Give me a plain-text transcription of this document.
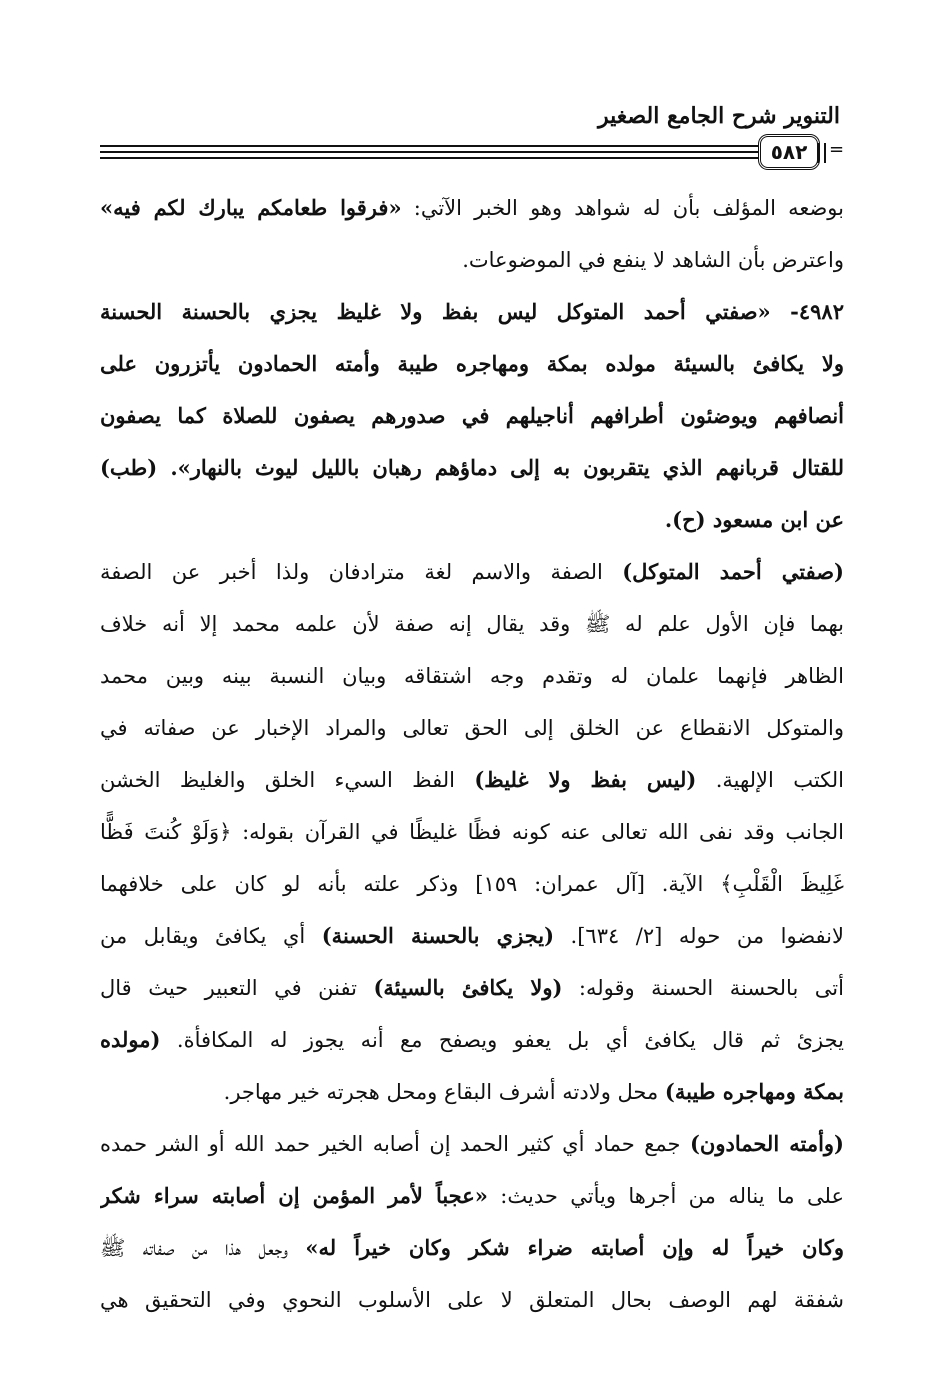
التنوير شرح الجامع الصغير
٥٨٢	=
بوضعه المؤلف بأن له شواهد وهو الخبر الآتي: «فرقوا طعامكم يبارك لكم فيه»
واعترض بأن الشاهد لا ينفع في الموضوعات.
٤٩٨٢- «صفتي أحمد المتوكل ليس بفظ ولا غليظ يجزي بالحسنة الحسنة
ولا يكافئ بالسيئة مولده بمكة ومهاجره طيبة وأمته الحمادون يأتزرون على
أنصافهم ويوضئون أطرافهم أناجيلهم في صدورهم يصفون للصلاة كما يصفون
للقتال قربانهم الذي يتقربون به إلى دماؤهم رهبان بالليل ليوث بالنهار». (طب)
عن ابن مسعود (ح).
(صفتي أحمد المتوكل) الصفة والاسم لغة مترادفان ولذا أخبر عن الصفة
بهما فإن الأول علم له ﷺ وقد يقال إنه صفة لأن علمه محمد إلا أنه خلاف
الظاهر فإنهما علمان له وتقدم وجه اشتقاقه وبيان النسبة بينه وبين محمد
والمتوكل الانقطاع عن الخلق إلى الحق تعالى والمراد الإخبار عن صفاته في
الكتب الإلهية. (ليس بفظ ولا غليظ) الفظ السيء الخلق والغليظ الخشن
الجانب وقد نفى الله تعالى عنه كونه فظًا غليظًا في القرآن بقوله: ﴿وَلَوْ كُنتَ فَظًّا
غَلِيظَ الْقَلْبِ﴾ الآية. [آل عمران: ١٥٩] وذكر علته بأنه لو كان على خلافهما
لانفضوا من حوله [٢/ ٦٣٤]. (يجزي بالحسنة الحسنة) أي يكافئ ويقابل من
أتى بالحسنة الحسنة وقوله: (ولا يكافئ بالسيئة) تفنن في التعبير حيث قال
يجزئ ثم قال يكافئ أي بل يعفو ويصفح مع أنه يجوز له المكافأة. (مولده
بمكة ومهاجره طيبة) محل ولادته أشرف البقاع ومحل هجرته خير مهاجر.
(وأمته الحمادون) جمع حماد أي كثير الحمد إن أصابه الخير حمد الله أو الشر حمده
على ما يناله من أجرها ويأتي حديث: «عجباً لأمر المؤمن إن أصابته سراء شكر
وكان خيراً له وإن أصابته ضراء شكر وكان خيراً له» وجعل هذا من صفاته ﷺ
شفقة لهم الوصف بحال المتعلق لا على الأسلوب النحوي وفي التحقيق هي
